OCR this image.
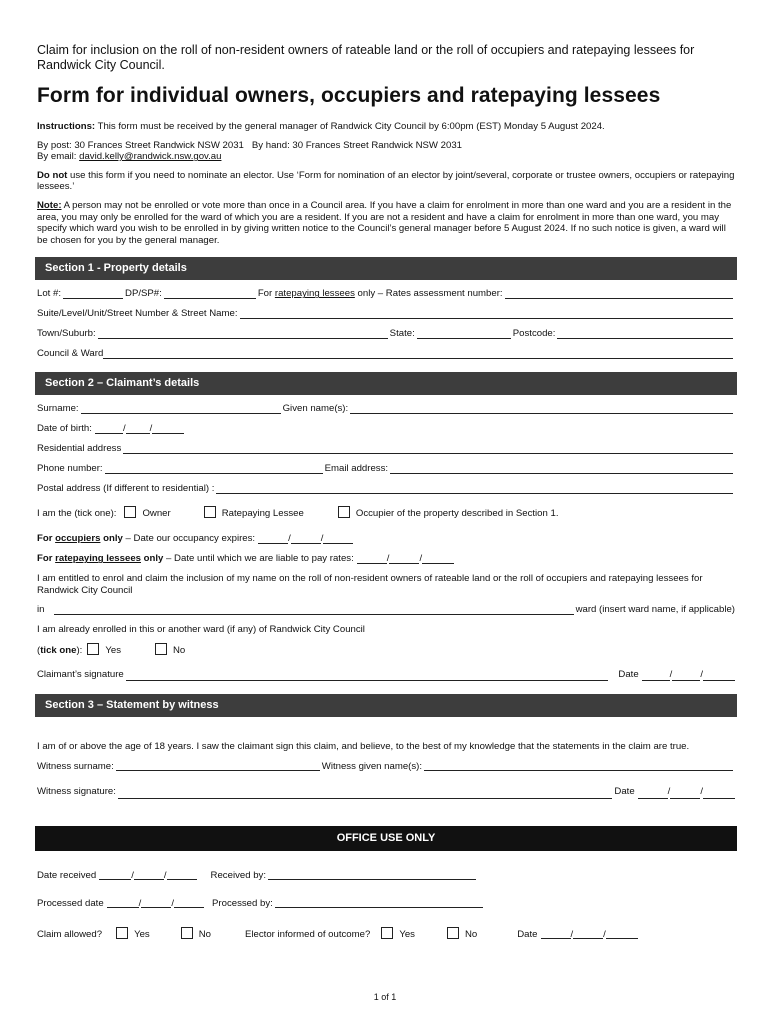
Claim for inclusion on the roll of non-resident owners of rateable land or the roll of occupiers and ratepaying lessees for Randwick City Council.

Form for individual owners, occupiers and ratepaying lessees

Instructions: This form must be received by the general manager of Randwick City Council by 6:00pm (EST) Monday 5 August 2024.

By post: 30 Frances Street Randwick NSW 2031 By hand: 30 Frances Street Randwick NSW 2031
By email: david.kelly@randwick.nsw.gov.au

Do not use this form if you need to nominate an elector. Use ‘Form for nomination of an elector by joint/several, corporate or trustee owners, occupiers or ratepaying lessees.’

Note: A person may not be enrolled or vote more than once in a Council area. If you have a claim for enrolment in more than one ward and you are a resident in the area, you may only be enrolled for the ward of which you are a resident. If you are not a resident and have a claim for enrolment in more than one ward, you may specify which ward you wish to be enrolled in by giving written notice to the Council’s general manager before 5 August 2024. If no such notice is given, a ward will be chosen for you by the general manager.

Section 1 - Property details
Lot #:	DP/SP#:	For ratepaying lessees only – Rates assessment number:
Suite/Level/Unit/Street Number & Street Name:
Town/Suburb:	State:	Postcode:
Council & Ward
Section 2 – Claimant’s details
Surname:	Given name(s):
Date of birth:	/	/
Residential address
Phone number:	Email address:
Postal address (If different to residential) :
I am the (tick one):	Owner	Ratepaying Lessee	Occupier of the property described in Section 1.
For occupiers only – Date our occupancy expires:	/	/
For ratepaying lessees only – Date until which we are liable to pay rates:	/	/
I am entitled to enrol and claim the inclusion of my name on the roll of non-resident owners of rateable land or the roll of occupiers and ratepaying lessees for Randwick City Council
in	ward (insert ward name, if applicable)
I am already enrolled in this or another ward (if any) of Randwick City Council
(tick one): Yes	No
Claimant’s signature	Date	/	/
Section 3 – Statement by witness
I am of or above the age of 18 years. I saw the claimant sign this claim, and believe, to the best of my knowledge that the statements in the claim are true.
Witness surname:	Witness given name(s):
Witness signature:	Date	/	/
OFFICE USE ONLY
Date received	/	/	Received by:
Processed date	/	/	Processed by:
Claim allowed?	Yes	No	Elector informed of outcome?	Yes	No	Date	/	/
1 of 1
